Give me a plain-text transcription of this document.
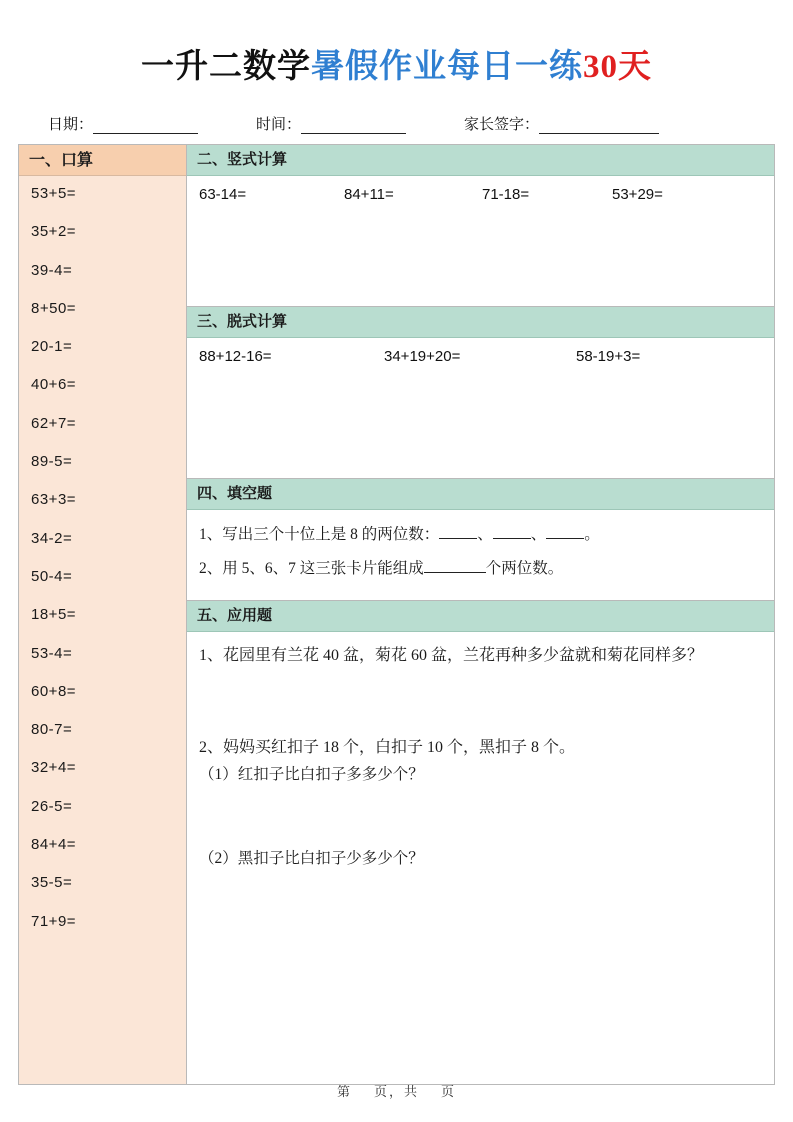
一升二数学暑假作业每日一练30天
日期：	时间：	家长签字：
一、口算
53+5=
35+2=
39-4=
8+50=
20-1=
40+6=
62+7=
89-5=
63+3=
34-2=
50-4=
18+5=
53-4=
60+8=
80-7=
32+4=
26-5=
84+4=
35-5=
71+9=
二、竖式计算
63-14=	84+11=	71-18=	53+29=
三、脱式计算
88+12-16=	34+19+20=	58-19+3=
四、填空题

1、写出三个十位上是 8 的两位数： 、 、 。

2、用 5、6、7 这三张卡片能组成	个两位数。

五、应用题

1、花园里有兰花 40 盆，菊花 60 盆，兰花再种多少盆就和菊花同样多？

2、妈妈买红扣子 18 个，白扣子 10 个，黑扣子 8 个。

（1）红扣子比白扣子多多少个？

（2）黑扣子比白扣子少多少个？

第 页，共 页
